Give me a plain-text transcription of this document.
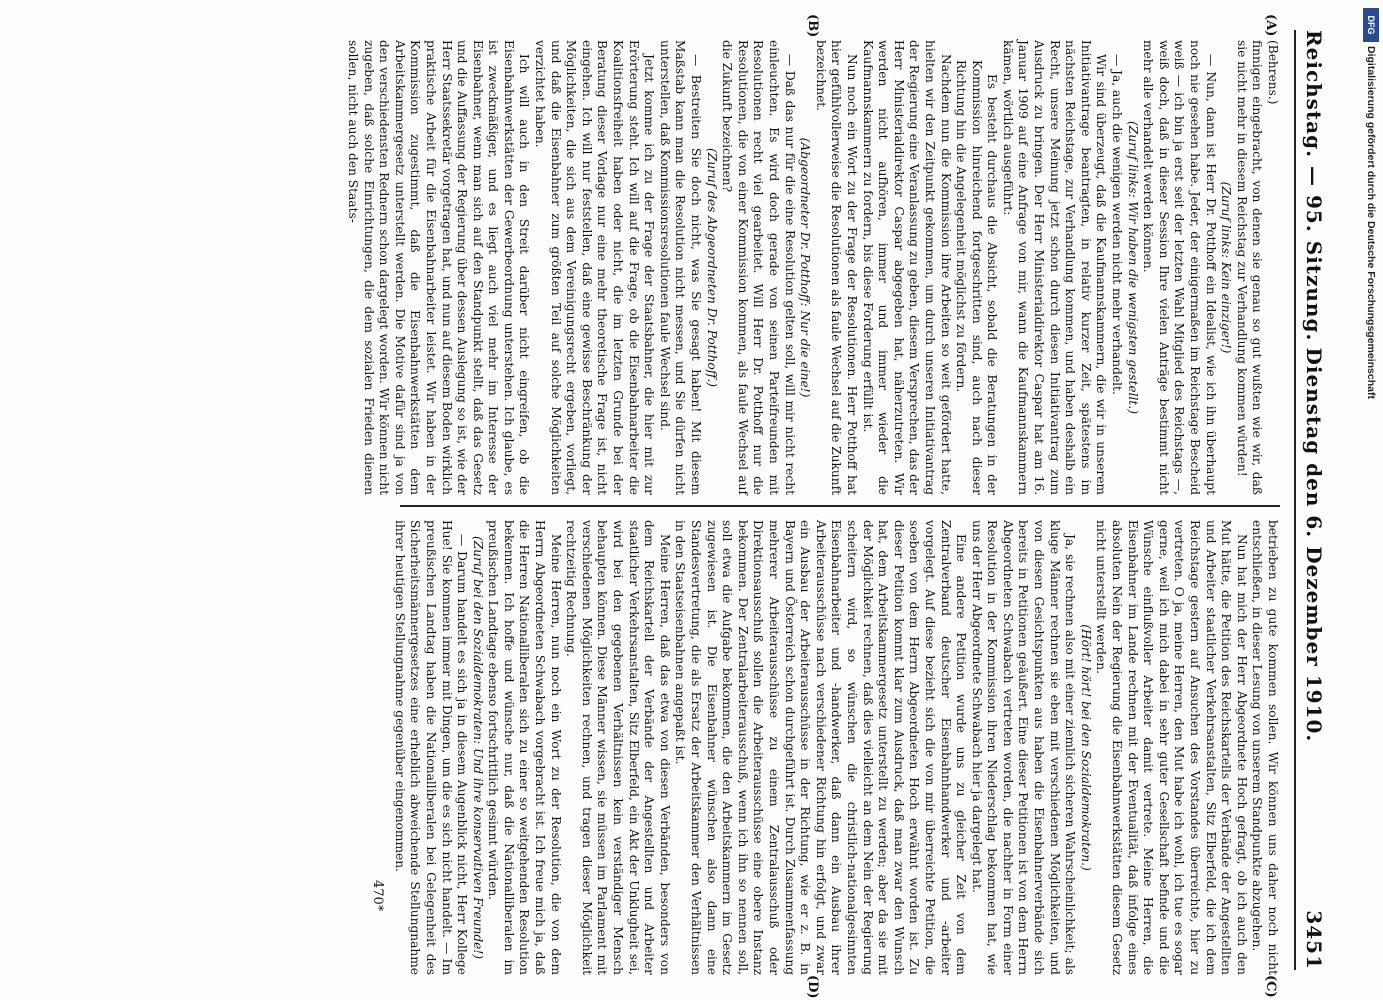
Reichstag. — 95. Sitzung.
Dienstag den 6. Dezember 1910. 3451
(A)
(B)
(C)
(D)

(Behrens.)

finnigen eingebracht, von denen sie genau so gut wußten wie wir, daß sie nicht mehr in diesem Reichstag zur Verhandlung kommen würden!

(Zuruf links: Kein einziger!)

— Nun, dann ist Herr Dr. Potthoff ein Idealist, wie ich ihn überhaupt noch nie gesehen habe. Jeder, der einigermaßen im Reichstage Bescheid weiß — ich bin ja erst seit der letzten Wahl Mitglied des Reichstags —, weiß doch, daß in dieser Session Ihre vielen Anträge bestimmt nicht mehr alle verhandelt werden können.

(Zuruf links: Wir haben die wenigsten gestellt.)

— Ja, auch die wenigen werden nicht mehr verhandelt.

Wir sind überzeugt, daß die Kaufmannskammern, die wir in unserem Initiativantrage beantragten, in relativ kurzer Zeit, spätestens im nächsten Reichstage, zur Verhandlung kommen, und haben deshalb ein Recht, unsere Meinung jetzt schon durch diesen Initiativantrag zum Ausdruck zu bringen. Der Herr Ministerialdirektor Caspar hat am 16. Januar 1909 auf eine Anfrage von mir, wann die Kaufmannskammern kämen, wörtlich ausgeführt:

Es besteht durchaus die Absicht, sobald die Beratungen in der Kommission hinreichend fortgeschritten sind, auch nach dieser Richtung hin die Angelegenheit möglichst zu fördern.

Nachdem nun die Kommission ihre Arbeiten so weit gefördert hatte, hielten wir den Zeitpunkt gekommen, um durch unseren Initiativantrag der Regierung eine Veranlassung zu geben, diesem Versprechen, das der Herr Ministerialdirektor Caspar abgegeben hat, näherzutreten. Wir werden nicht aufhören, immer und immer wieder die Kaufmannskammern zu fordern, bis diese Forderung erfüllt ist.

Nun noch ein Wort zu der Frage der Resolutionen. Herr Potthoff hat hier gefühlvollerweise die Resolutionen als faule Wechsel auf die Zukunft bezeichnet.

(Abgeordneter Dr. Potthoff: Nur die eine!)

— Daß das nur für die eine Resolution gelten soll, will mir nicht recht einleuchten. Es wird doch gerade von seinen Parteifreunden mit Resolutionen recht viel gearbeitet. Will Herr Dr. Potthoff nur die Resolutionen, die von einer Kommission kommen, als faule Wechsel auf die Zukunft bezeichnen?

(Zuruf des Abgeordneten Dr. Potthoff.)

— Bestreiten Sie doch nicht, was Sie gesagt haben! Mit diesem Maßstab kann man die Resolution nicht messen, und Sie dürfen nicht unterstellen, daß Kommissionsresolutionen faule Wechsel sind.

Jetzt komme ich zu der Frage der Staatsbahner, die hier mit zur Erörterung steht. Ich will auf die Frage, ob die Eisenbahnarbeiter die Koalitionsfreiheit haben oder nicht, die im letzten Grunde bei der Beratung dieser Vorlage nur eine mehr theoretische Frage ist, nicht eingehen. Ich will nur feststellen, daß eine gewisse Beschränkung der Möglichkeiten, die sich aus dem Vereinigungsrecht ergeben, vorliegt, und daß die Eisenbahner zum größten Teil auf solche Möglichkeiten verzichtet haben.

Ich will auch in den Streit darüber nicht eingreifen, ob die Eisenbahnwerkstätten der Gewerbeordnung unterstehen. Ich glaube, es ist zweckmäßiger, und es liegt auch viel mehr im Interesse der Eisenbahner, wenn man sich auf den Standpunkt stellt, daß das Gesetz und die Auffassung der Regierung über dessen Auslegung so ist, wie der Herr Staatssekretär vorgetragen hat, und nun auf diesem Boden wirklich praktische Arbeit für die Eisenbahnarbeiter leistet. Wir haben in der Kommission zugestimmt, daß die Eisenbahnwerkstätten dem Arbeitskammergesetz unterstellt werden. Die Motive dafür sind ja von den verschiedensten Rednern schon dargelegt worden. Wir können nicht zugeben, daß solche Einrichtungen, die dem sozialen Frieden dienen sollen, nicht auch den Staats-

betrieben zu gute kommen sollen. Wir können uns daher noch nicht entschließen, in dieser Lesung von unserem Standpunkte abzugehen.

Nun hat mich der Herr Abgeordnete Hoch gefragt, ob ich auch den Mut hätte, die Petition des Reichskartells der Verbände der Angestellten und Arbeiter staatlicher Verkehrsanstalten, Sitz Elberfeld, die ich dem Reichstage gestern auf Ansuchen des Vorstandes überreichte, hier zu vertreten. O ja, meine Herren, den Mut habe ich wohl, ich tue es sogar gerne, weil ich mich dabei in sehr guter Gesellschaft befinde und die Wünsche einflußvoller Arbeiter damit vertrete. Meine Herren, die Eisenbahner im Lande rechnen mit der Eventualität, daß infolge eines absoluten Nein der Regierung die Eisenbahnwerkstätten diesem Gesetz nicht unterstellt werden.

(Hört! hört! bei den Sozialdemokraten.)

Ja, sie rechnen also mit einer ziemlich sicheren Wahrscheinlichkeit; als kluge Männer rechnen sie eben mit verschiedenen Möglichkeiten, und von diesen Gesichtspunkten aus haben die Eisenbahnerverbände sich bereits in Petitionen geäußert. Eine dieser Petitionen ist von dem Herrn Abgeordneten Schwabach vertreten worden, die nachher in Form einer Resolution in der Kommission ihren Niederschlag bekommen hat, wie uns der Herr Abgeordnete Schwabach hier ja dargelegt hat.

Eine andere Petition wurde uns zu gleicher Zeit von dem Zentralverband deutscher Eisenbahnhandwerker und -arbeiter vorgelegt. Auf diese bezieht sich die von mir überreichte Petition, die soeben von dem Herrn Abgeordneten Hoch erwähnt worden ist. Zu dieser Petition kommt klar zum Ausdruck, daß man zwar den Wunsch hat, dem Arbeitskammergesetz unterstellt zu werden; aber da sie mit der Möglichkeit rechnen, daß dies vielleicht an dem Nein der Regierung scheitern wird, so wünschen die christlich-nationalgesinnten Eisenbahnarbeiter und -handwerker, daß dann ein Ausbau ihrer Arbeiterausschüsse nach verschiedener Richtung hin erfolgt, und zwar ein Ausbau der Arbeiterausschüsse in der Richtung, wie er z. B. in Bayern und Österreich schon durchgeführt ist. Durch Zusammenfassung mehrerer Arbeiterausschüsse zu einem Zentralausschuß oder Direktionsausschuß sollen die Arbeiterausschüsse eine obere Instanz bekommen. Der Zentralarbeiterausschuß, wenn ich ihn so nennen soll, soll etwa die Aufgabe bekommen, die den Arbeitskammern im Gesetz zugewiesen ist. Die Eisenbahner wünschen also dann eine Standesvertretung, die als Ersatz der Arbeitskammer den Verhältnissen in den Staatseisenbahnen angepaßt ist.

Meine Herren, daß das etwa von diesen Verbänden, besonders von dem Reichskartell der Verbände der Angestellten und Arbeiter staatlicher Verkehrsanstalten, Sitz Elberfeld, ein Akt der Unklugheit sei, wird bei den gegebenen Verhältnissen kein verständiger Mensch behaupten können. Diese Männer wissen, sie müssen im Parlament mit verschiedenen Möglichkeiten rechnen, und tragen dieser Möglichkeit rechtzeitig Rechnung.

Meine Herren, nun noch ein Wort zu der Resolution, die von dem Herrn Abgeordneten Schwabach vorgebracht ist. Ich freue mich ja, daß die Herren Nationalliberalen sich zu einer so weitgehenden Resolution bekennen. Ich hoffe und wünsche nur, daß die Nationalliberalen im preußischen Landtage ebenso fortschrittlich gesinnt würden.

(Zuruf bei den Sozialdemokraten: Und ihre konservativen Freunde!)

— Darum handelt es sich ja in diesem Augenblick nicht, Herr Kollege Hue! Sie kommen immer mit Dingen, um die es sich nicht handelt. — Im preußischen Landtag haben die Nationalliberalen bei Gelegenheit des Sicherheitsmännergesetzes eine erheblich abweichende Stellungnahme ihrer heutigen Stellungnahme gegenüber eingenommen.

470*
DFG
Digitalisierung gefördert durch die Deutsche Forschungsgemeinschaft
